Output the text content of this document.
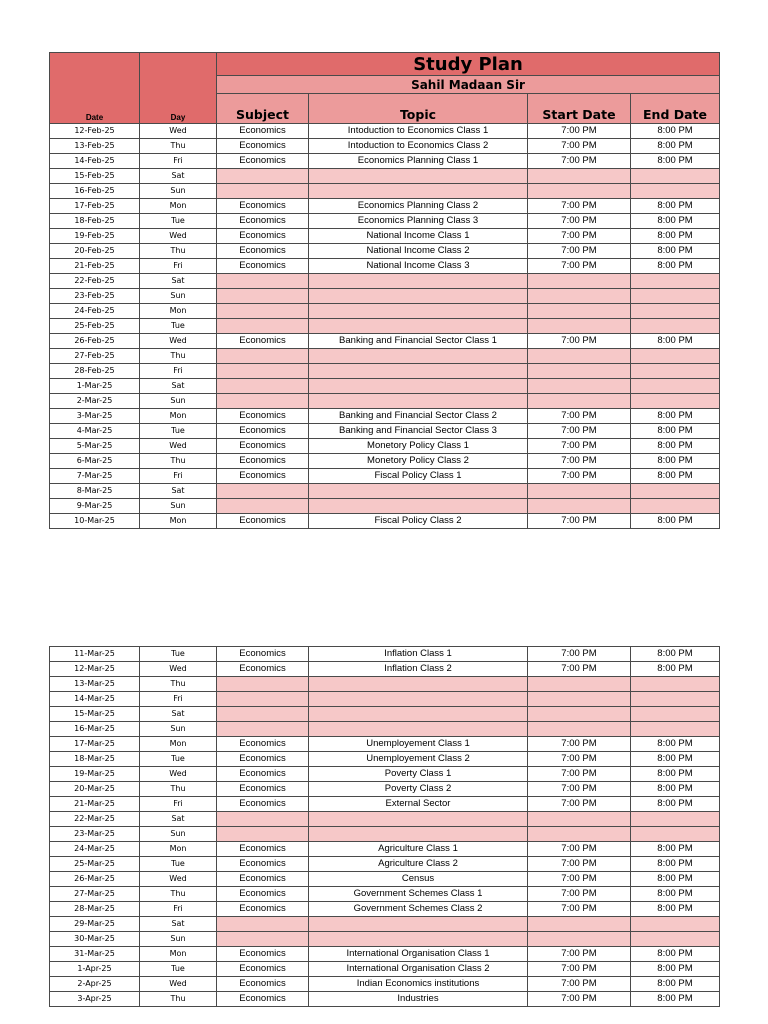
Date	Day	Study Plan			
		Sahil Madaan Sir			
		Subject	Topic	Start Date	End Date
12-Feb-25	Wed	Economics	Intoduction to Economics Class 1	7:00 PM	8:00 PM
13-Feb-25	Thu	Economics	Intoduction to Economics Class 2	7:00 PM	8:00 PM
14-Feb-25	Fri	Economics	Economics Planning Class 1	7:00 PM	8:00 PM
15-Feb-25	Sat				
16-Feb-25	Sun				
17-Feb-25	Mon	Economics	Economics Planning Class 2	7:00 PM	8:00 PM
18-Feb-25	Tue	Economics	Economics Planning Class 3	7:00 PM	8:00 PM
19-Feb-25	Wed	Economics	National Income Class 1	7:00 PM	8:00 PM
20-Feb-25	Thu	Economics	National Income Class 2	7:00 PM	8:00 PM
21-Feb-25	Fri	Economics	National Income Class 3	7:00 PM	8:00 PM
22-Feb-25	Sat				
23-Feb-25	Sun				
24-Feb-25	Mon				
25-Feb-25	Tue				
26-Feb-25	Wed	Economics	Banking and Financial Sector Class 1	7:00 PM	8:00 PM
27-Feb-25	Thu				
28-Feb-25	Fri				
1-Mar-25	Sat				
2-Mar-25	Sun				
3-Mar-25	Mon	Economics	Banking and Financial Sector Class 2	7:00 PM	8:00 PM
4-Mar-25	Tue	Economics	Banking and Financial Sector Class 3	7:00 PM	8:00 PM
5-Mar-25	Wed	Economics	Monetory Policy Class 1	7:00 PM	8:00 PM
6-Mar-25	Thu	Economics	Monetory Policy Class 2	7:00 PM	8:00 PM
7-Mar-25	Fri	Economics	Fiscal Policy Class 1	7:00 PM	8:00 PM
8-Mar-25	Sat				
9-Mar-25	Sun				
10-Mar-25	Mon	Economics	Fiscal Policy Class 2	7:00 PM	8:00 PM
11-Mar-25	Tue	Economics	Inflation Class 1	7:00 PM	8:00 PM
12-Mar-25	Wed	Economics	Inflation Class 2	7:00 PM	8:00 PM
13-Mar-25	Thu				
14-Mar-25	Fri				
15-Mar-25	Sat				
16-Mar-25	Sun				
17-Mar-25	Mon	Economics	Unemployement Class 1	7:00 PM	8:00 PM
18-Mar-25	Tue	Economics	Unemployement Class 2	7:00 PM	8:00 PM
19-Mar-25	Wed	Economics	Poverty Class 1	7:00 PM	8:00 PM
20-Mar-25	Thu	Economics	Poverty Class 2	7:00 PM	8:00 PM
21-Mar-25	Fri	Economics	External Sector	7:00 PM	8:00 PM
22-Mar-25	Sat				
23-Mar-25	Sun				
24-Mar-25	Mon	Economics	Agriculture Class 1	7:00 PM	8:00 PM
25-Mar-25	Tue	Economics	Agriculture Class 2	7:00 PM	8:00 PM
26-Mar-25	Wed	Economics	Census	7:00 PM	8:00 PM
27-Mar-25	Thu	Economics	Government Schemes Class 1	7:00 PM	8:00 PM
28-Mar-25	Fri	Economics	Government Schemes Class 2	7:00 PM	8:00 PM
29-Mar-25	Sat				
30-Mar-25	Sun				
31-Mar-25	Mon	Economics	International Organisation Class 1	7:00 PM	8:00 PM
1-Apr-25	Tue	Economics	International Organisation Class 2	7:00 PM	8:00 PM
2-Apr-25	Wed	Economics	Indian Economics institutions	7:00 PM	8:00 PM
3-Apr-25	Thu	Economics	Industries	7:00 PM	8:00 PM
